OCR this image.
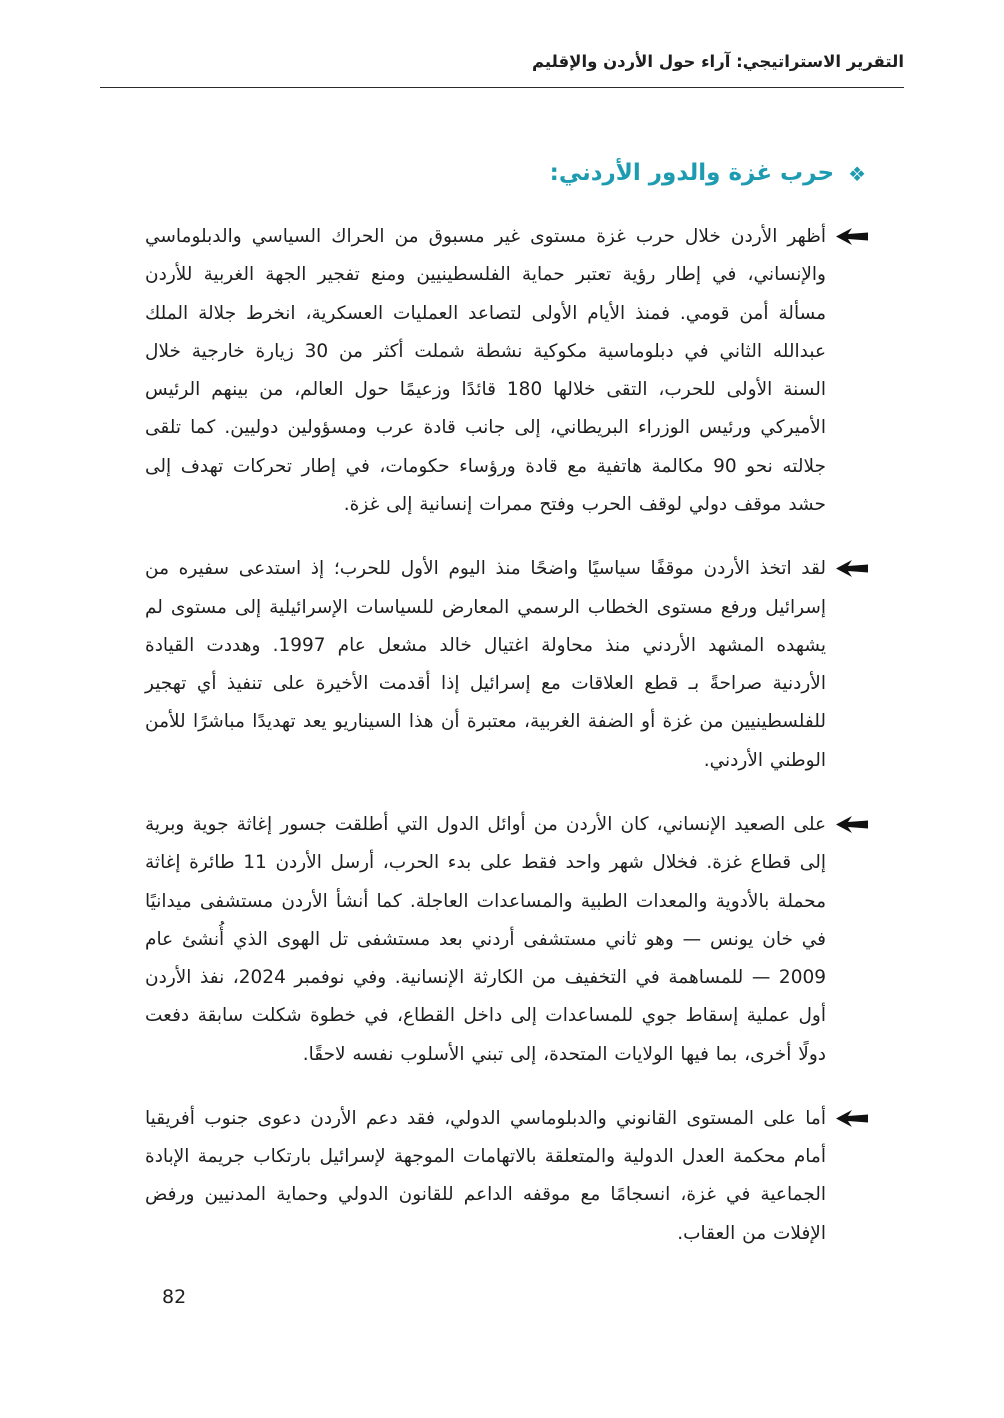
التقرير الاستراتيجي: آراء حول الأردن والإقليم
❖
حرب غزة والدور الأردني:

أظهر الأردن خلال حرب غزة مستوى غير مسبوق من الحراك السياسي والدبلوماسي والإنساني، في إطار رؤية تعتبر حماية الفلسطينيين ومنع تفجير الجهة الغربية للأردن مسألة أمن قومي. فمنذ الأيام الأولى لتصاعد العمليات العسكرية، انخرط جلالة الملك عبدالله الثاني في دبلوماسية مكوكية نشطة شملت أكثر من 30 زيارة خارجية خلال السنة الأولى للحرب، التقى خلالها 180 قائدًا وزعيمًا حول العالم، من بينهم الرئيس الأميركي ورئيس الوزراء البريطاني، إلى جانب قادة عرب ومسؤولين دوليين. كما تلقى جلالته نحو 90 مكالمة هاتفية مع قادة ورؤساء حكومات، في إطار تحركات تهدف إلى حشد موقف دولي لوقف الحرب وفتح ممرات إنسانية إلى غزة.

لقد اتخذ الأردن موقفًا سياسيًا واضحًا منذ اليوم الأول للحرب؛ إذ استدعى سفيره من إسرائيل ورفع مستوى الخطاب الرسمي المعارض للسياسات الإسرائيلية إلى مستوى لم يشهده المشهد الأردني منذ محاولة اغتيال خالد مشعل عام 1997. وهددت القيادة الأردنية صراحةً بـ قطع العلاقات مع إسرائيل إذا أقدمت الأخيرة على تنفيذ أي تهجير للفلسطينيين من غزة أو الضفة الغربية، معتبرة أن هذا السيناريو يعد تهديدًا مباشرًا للأمن الوطني الأردني.

على الصعيد الإنساني، كان الأردن من أوائل الدول التي أطلقت جسور إغاثة جوية وبرية إلى قطاع غزة. فخلال شهر واحد فقط على بدء الحرب، أرسل الأردن 11 طائرة إغاثة محملة بالأدوية والمعدات الطبية والمساعدات العاجلة. كما أنشأ الأردن مستشفى ميدانيًا في خان يونس — وهو ثاني مستشفى أردني بعد مستشفى تل الهوى الذي أُنشئ عام 2009 — للمساهمة في التخفيف من الكارثة الإنسانية. وفي نوفمبر 2024، نفذ الأردن أول عملية إسقاط جوي للمساعدات إلى داخل القطاع، في خطوة شكلت سابقة دفعت دولًا أخرى، بما فيها الولايات المتحدة، إلى تبني الأسلوب نفسه لاحقًا.

أما على المستوى القانوني والدبلوماسي الدولي، فقد دعم الأردن دعوى جنوب أفريقيا أمام محكمة العدل الدولية والمتعلقة بالاتهامات الموجهة لإسرائيل بارتكاب جريمة الإبادة الجماعية في غزة، انسجامًا مع موقفه الداعم للقانون الدولي وحماية المدنيين ورفض الإفلات من العقاب.

82
